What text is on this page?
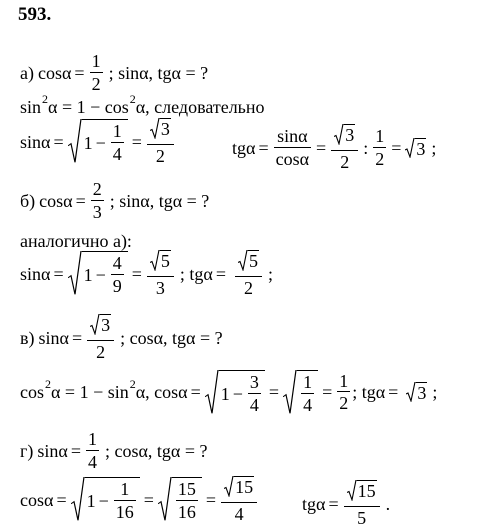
593.
а) $\cos\alpha = \frac{1}{2}$ ; sinα, tgα = ?
sin 2 α = 1 − cos 2 α, следовательно
$\sin\alpha = 1 - \frac{1}{4} = \frac{3}{2}$	$tg\alpha = \frac{\sin\alpha}{\cos\alpha} = \frac{3}{2}$ : $\frac{1}{2} = 3$ ;
б) $\cos\alpha = \frac{2}{3}$ ; sinα, tgα = ?
аналогично а):
$\sin\alpha = 1 - \frac{4}{9} = \frac{5}{3}$ ; $tg\alpha = \frac{5}{2}$ ;
в) $\sin\alpha = \frac{3}{2}$ ; cosα, tgα = ?
cos 2 α = 1 − sin 2 α, $\cos\alpha = 1 - \frac{3}{4} = \frac{1}{4} = \frac{1}{2}$ ; tgα = 3 ;
г) $\sin\alpha = \frac{1}{4}$ ; cosα, tgα = ?
$\cos\alpha = 1 - \frac{1}{16} = \frac{15}{16} = \frac{15}{4}$ $tg\alpha = \frac{15}{5}$ .
